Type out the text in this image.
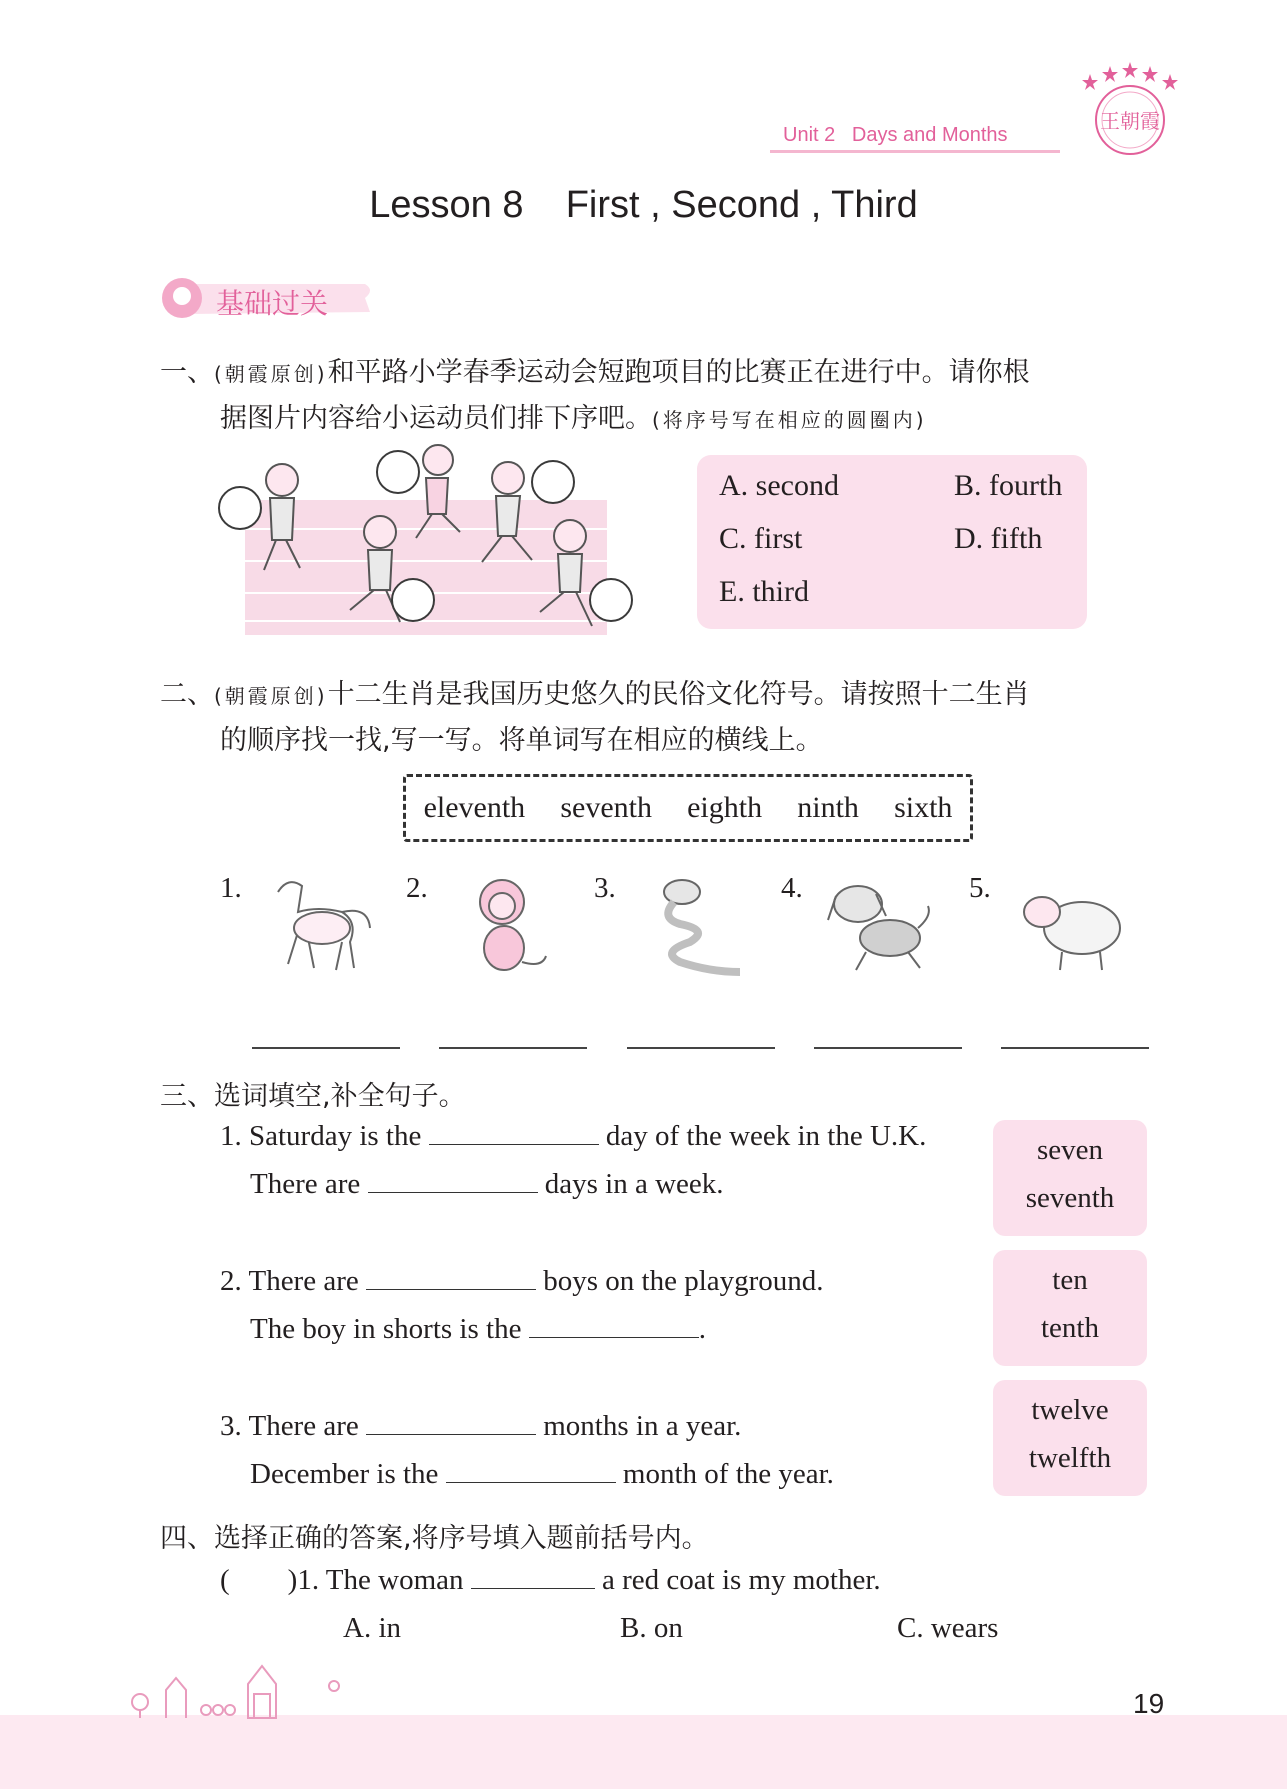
Unit 2 Days and Months
王朝霞
Lesson 8    First , Second , Third
基础过关
一、(朝霞原创)和平路小学春季运动会短跑项目的比赛正在进行中。请你根
据图片内容给小运动员们排下序吧。(将序号写在相应的圆圈内)
A. second	B. fourth
C. first	D. fifth
E. third
二、(朝霞原创)十二生肖是我国历史悠久的民俗文化符号。请按照十二生肖
的顺序找一找,写一写。将单词写在相应的横线上。
eleventh seventh eighth ninth sixth
1.	2.	3.	4.	5.
三、选词填空,补全句子。
1. Saturday is the	day of the week in the U.K.
There are	days in a week.
seven
seventh
2. There are	boys on the playground.
The boy in shorts is the	.
ten
tenth
3. There are	months in a year.
December is the	month of the year.
twelve
twelfth
四、选择正确的答案,将序号填入题前括号内。
( )1. The woman	a red coat is my mother.
A. in	B. on	C. wears
19
